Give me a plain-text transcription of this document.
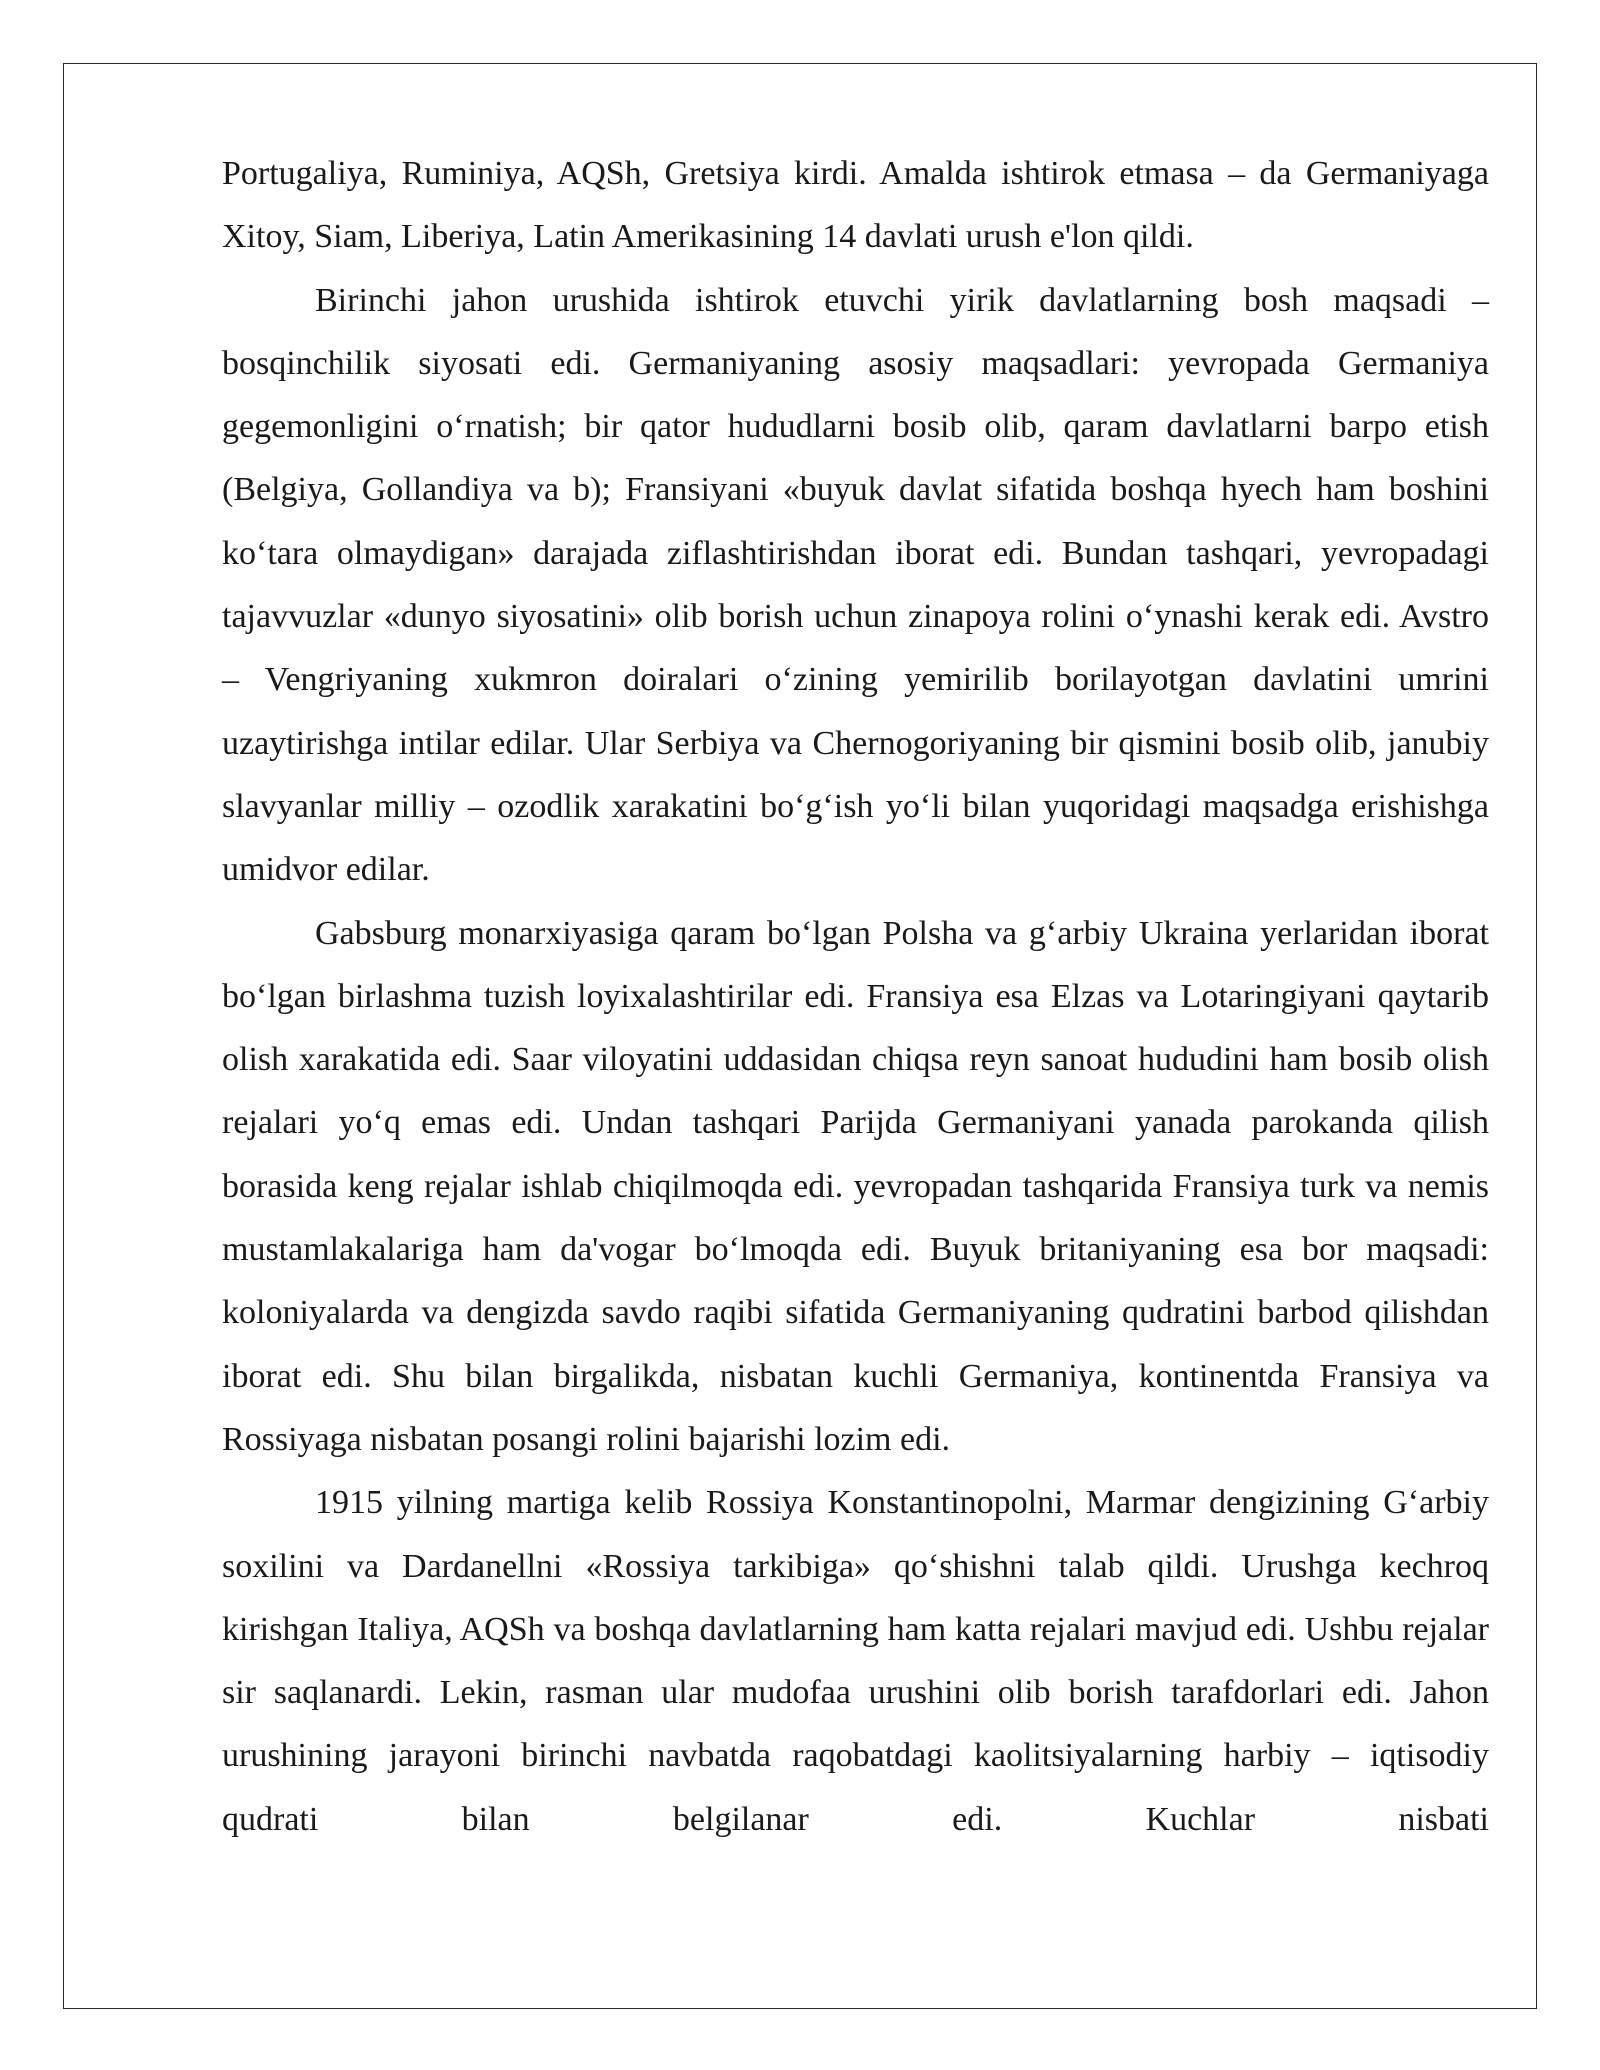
Portugaliya, Ruminiya, AQSh, Gretsiya kirdi. Amalda ishtirok etmasa – da Germaniyaga Xitoy, Siam, Liberiya, Latin Amerikasining 14 davlati urush e'lon qildi.

Birinchi jahon urushida ishtirok etuvchi yirik davlatlarning bosh maqsadi – bosqinchilik siyosati edi. Germaniyaning asosiy maqsadlari: yevropada Germaniya gegemonligini o‘rnatish; bir qator hududlarni bosib olib, qaram davlatlarni barpo etish (Belgiya, Gollandiya va b); Fransiyani «buyuk davlat sifatida boshqa hyech ham boshini ko‘tara olmaydigan» darajada ziflashtirishdan iborat edi. Bundan tashqari, yevropadagi tajavvuzlar «dunyo siyosatini» olib borish uchun zinapoya rolini o‘ynashi kerak edi. Avstro – Vengriyaning xukmron doiralari o‘zining yemirilib borilayotgan davlatini umrini uzaytirishga intilar edilar. Ular Serbiya va Chernogoriyaning bir qismini bosib olib, janubiy slavyanlar milliy – ozodlik xarakatini bo‘g‘ish yo‘li bilan yuqoridagi maqsadga erishishga umidvor edilar.

Gabsburg monarxiyasiga qaram bo‘lgan Polsha va g‘arbiy Ukraina yerlaridan iborat bo‘lgan birlashma tuzish loyixalashtirilar edi. Fransiya esa Elzas va Lotaringiyani qaytarib olish xarakatida edi. Saar viloyatini uddasidan chiqsa reyn sanoat hududini ham bosib olish rejalari yo‘q emas edi. Undan tashqari Parijda Germaniyani yanada parokanda qilish borasida keng rejalar ishlab chiqilmoqda edi. yevropadan tashqarida Fransiya turk va nemis mustamlakalariga ham da'vogar bo‘lmoqda edi. Buyuk britaniyaning esa bor maqsadi: koloniyalarda va dengizda savdo raqibi sifatida Germaniyaning qudratini barbod qilishdan iborat edi. Shu bilan birgalikda, nisbatan kuchli Germaniya, kontinentda Fransiya va Rossiyaga nisbatan posangi rolini bajarishi lozim edi.

1915 yilning martiga kelib Rossiya Konstantinopolni, Marmar dengizining G‘arbiy soxilini va Dardanellni «Rossiya tarkibiga» qo‘shishni talab qildi. Urushga kechroq kirishgan Italiya, AQSh va boshqa davlatlarning ham katta rejalari mavjud edi. Ushbu rejalar sir saqlanardi. Lekin, rasman ular mudofaa urushini olib borish tarafdorlari edi. Jahon urushining jarayoni birinchi navbatda raqobatdagi kaolitsiyalarning harbiy – iqtisodiy qudrati bilan belgilanar edi. Kuchlar nisbati
